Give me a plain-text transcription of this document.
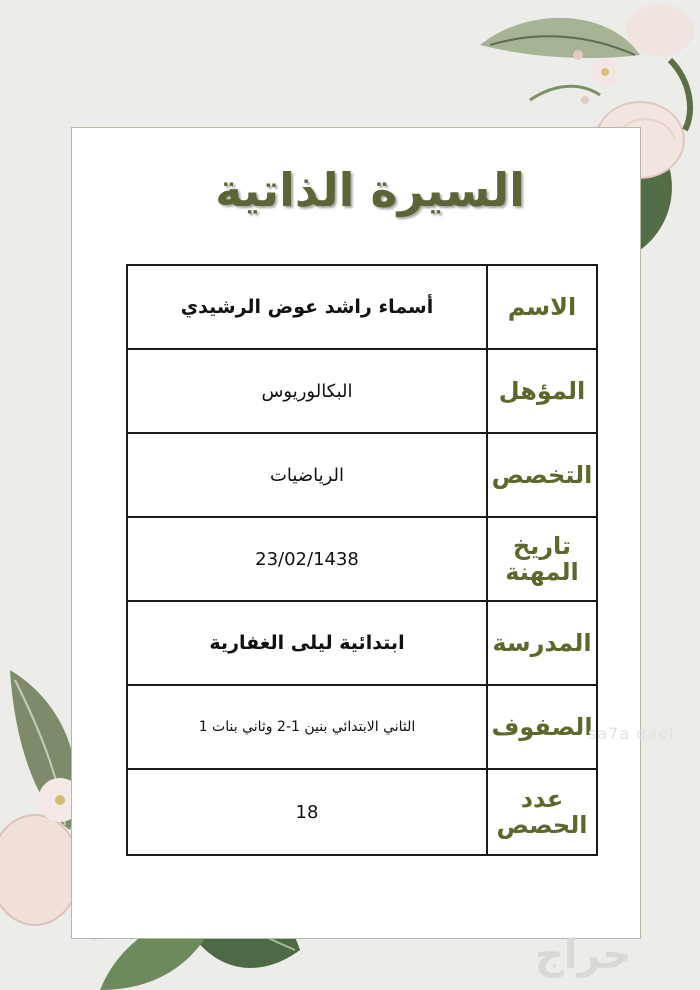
السيرة الذاتية
الاسم	أسماء راشد عوض الرشيدي
المؤهل	البكالوريوس
التخصص	الرياضيات
تاريخ المهنة	23/02/1438
المدرسة	ابتدائية ليلى الغفارية
الصفوف	الثاني الابتدائي بنين 1-2 وثاني بنات 1
عدد الحصص	18
sa7a dael
حراج
